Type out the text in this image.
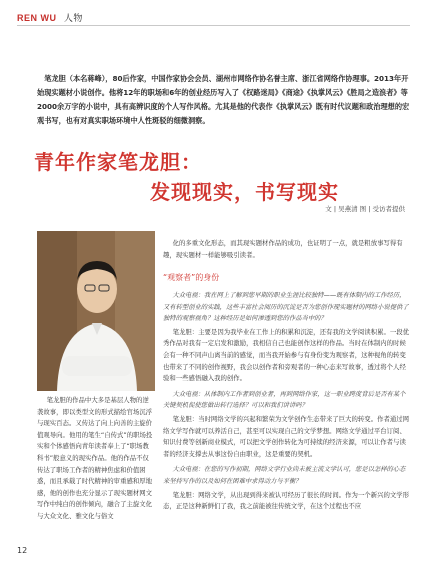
REN WU 人物
笔龙胆（本名蒋峰），80后作家，中国作家协会会员、湖州市网络作协名誉主席、浙江省网络作协理事。2013年开始现实题材小说创作。他将12年的职场和6年的创业经历写入了《权路迷局》《商途》《执掌风云》《胜局之造浪者》等2000余万字的小说中，具有高辨识度的个人写作风格。尤其是他的代表作《执掌风云》既有时代议题和政治理想的宏观书写，也有对真实职场环境中人性斑驳的细微洞察。
青年作家笔龙胆：
发现现实，书写现实
文 | 吴燕清 图 | 受访者提供
笔龙胆的作品中大多是基层人物的逆袭故事，即以类型文的形式描绘官场沉浮与现实百态。又传达了向上向善的主旋价值观导向。他用的笔生“自传式”的职场投实和个体感悟向青年读者奉上了“职场教科书”般意义的现实作品。他的作品不仅传达了职场工作者的精神焦虑和价值困惑，而且承载了时代精神的审重感和厚地感，他的创作也充分显示了现实题材网文写作中纯白的创作倾向，融合了主旋文化与大众文化、雅文化与俗文
化的多重文化形态，而其现实题材作品的成功，也证明了一点，就是粗放事写得有趣，现实题材一样能够吸引读者。
“观察者”的身份
大众电视：我在网上了解到您早期的职业生涯比较独特——既有体制内的工作经历，又有转型创业的实践，这些丰富社会阅历的沉淀是否为您创作现实题材的网络小说提供了独特的观察视角？这种经历是如何渗透到您的作品当中的？
笔龙胆：主要是因为我毕业在工作上的积累和沉淀，还有我的文学阅读积累。一段优秀作品对我有一定启发和激励，我相信自己也能创作这样的作品。当时在体制内的时候会有一种不同声山离当前的感觉，而当我开始参与有身份变为观察者，这种视角的转变也带来了不同的创作视野，我会以创作者和旁观者的一种心态来写故事，透过将个人经验和一些感悟融入我的创作。
大众电视：从体制内工作者到创业者，再到网络作家，这一职业跨度背后是否有某个关键契机促使您做出转行选择？可以和我们讲讲吗？
笔龙胆：当时网络文学的兴起和繁荣为文学创作生态带来了巨大的转变。作者通过网络文学写作就可以养活自己，甚至可以实现自己的文学梦想。网络文学通过平台订阅、知识付费等创新商业模式，可以把文学创作转化为可持续的经济来源，可以让作者与读者的经济支撑去从事这份自由职业，这是重要的契机。
大众电视：在您的写作初期，网络文学行业尚未被主流文学认可，您是以怎样的心态来坚持写作的以及如何在困难中求得动力与平衡？
笔龙胆：网络文学，从出现到得来被认可经历了很长的时间。作为一个新兴的文学形态，正是这种新鲜们了我，我之前能被往传统文学，在这个过程也不应
12
